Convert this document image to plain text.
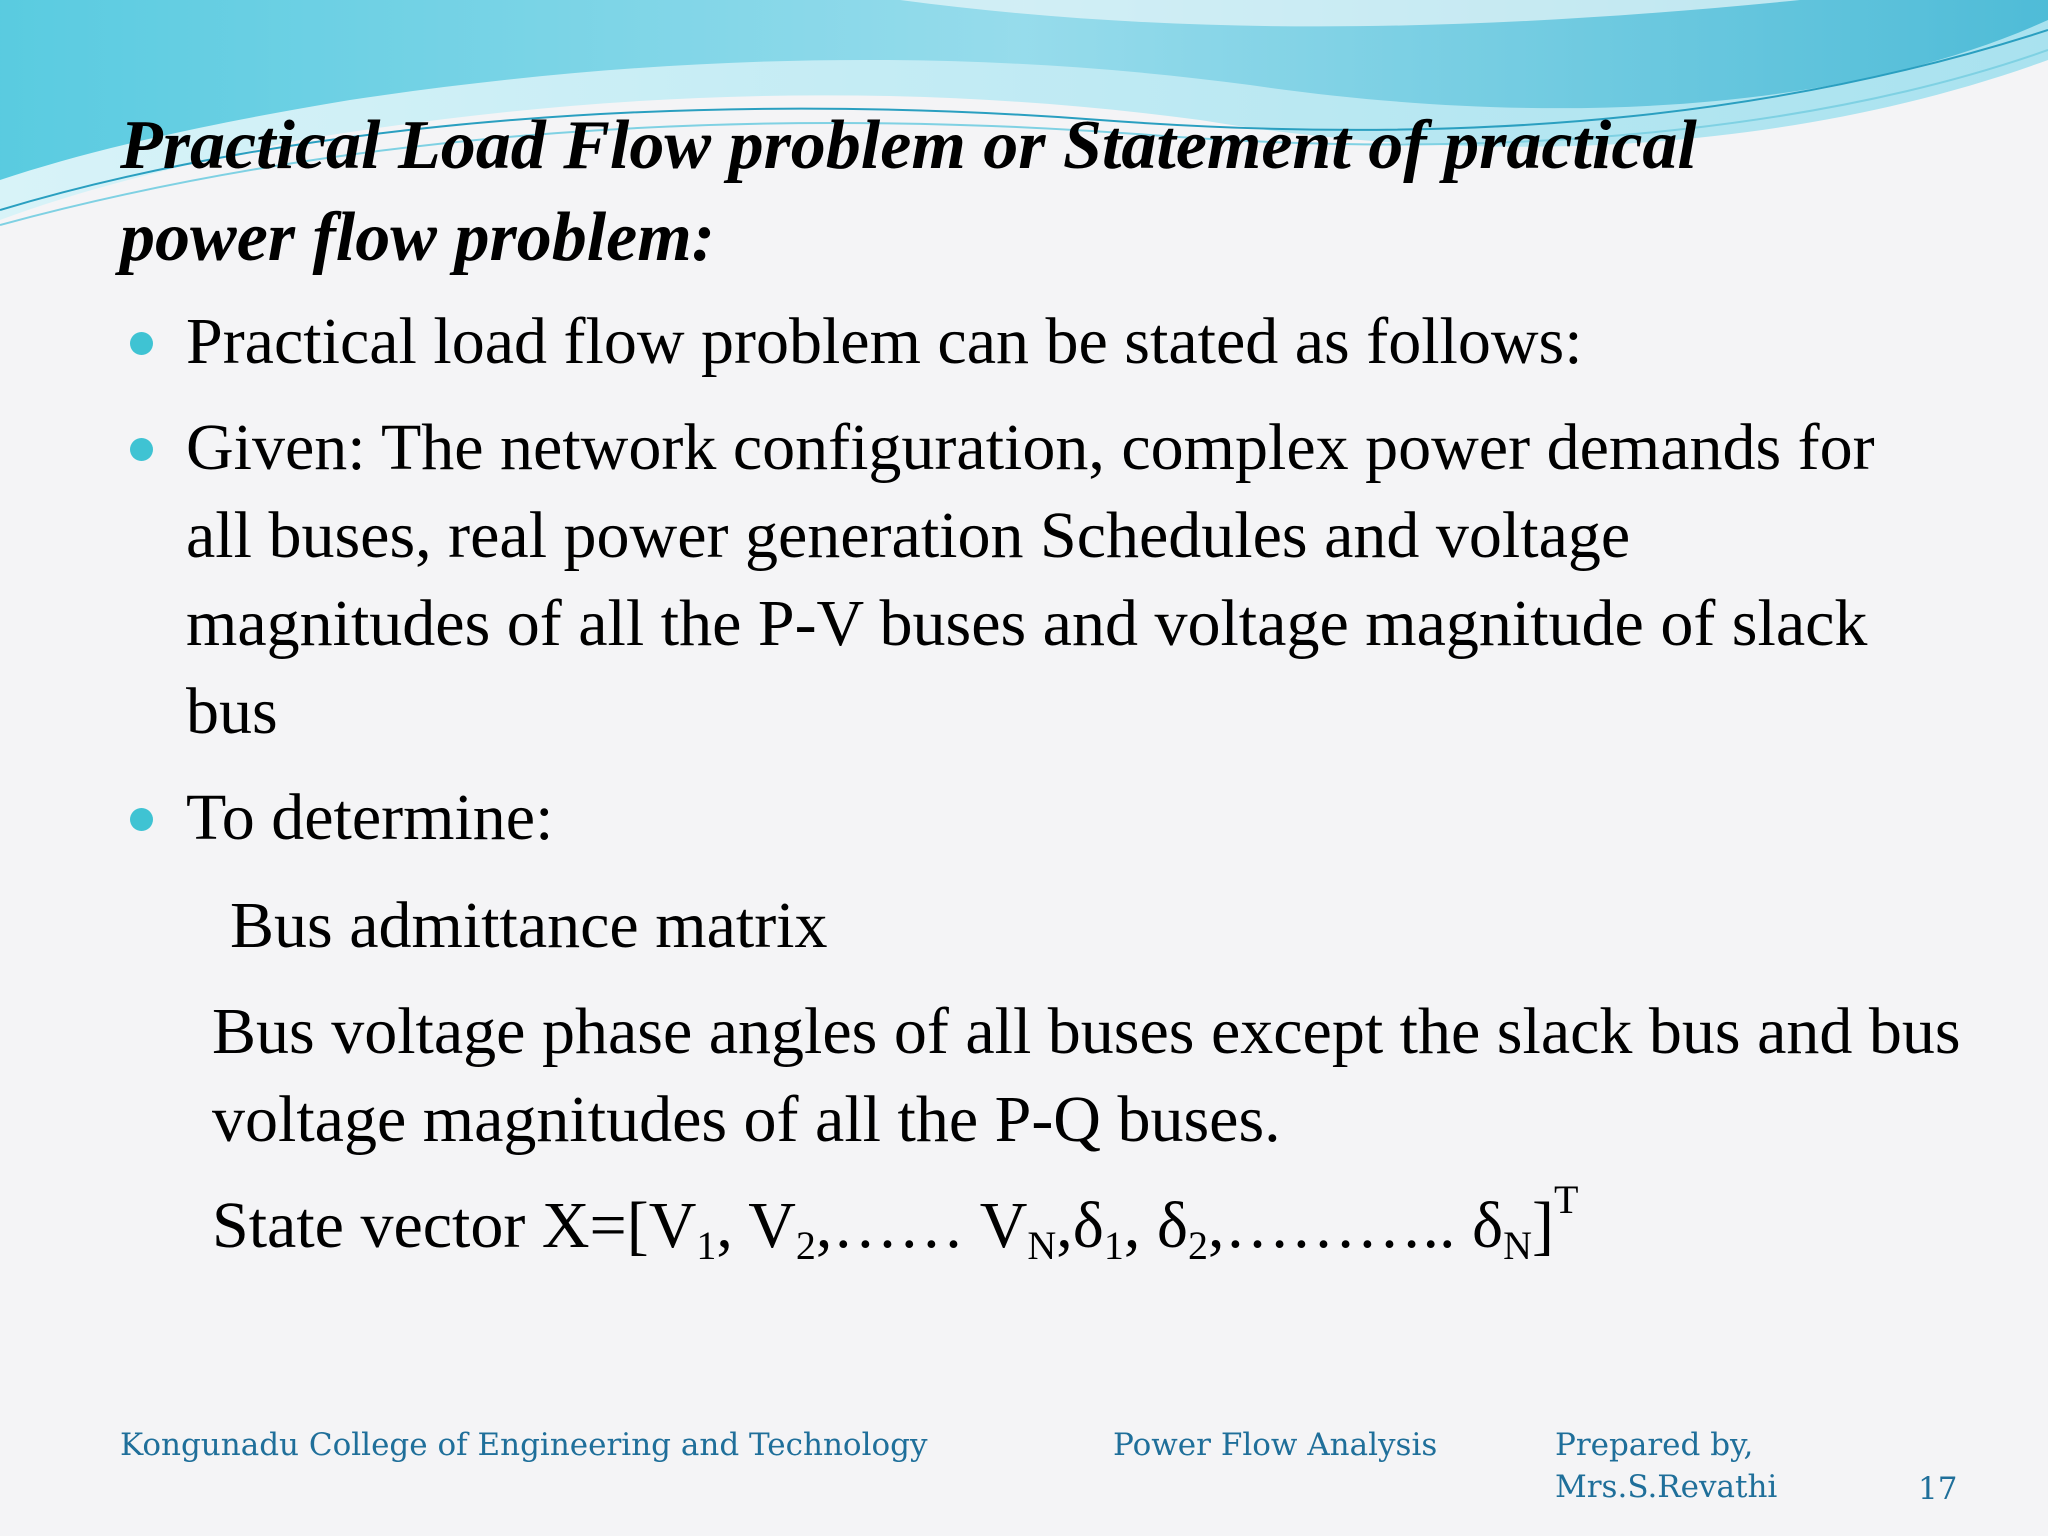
Practical Load Flow problem or Statement of practical
power flow problem:
Practical load flow problem can be stated as follows:
Given: The network configuration, complex power demands for all buses, real power generation Schedules and voltage magnitudes of all the P-V buses and voltage magnitude of slack bus
To determine:
Bus admittance matrix
Bus voltage phase angles of all buses except the slack bus and bus voltage magnitudes of all the P-Q buses.
State vector $X=[V_1$, $V_2,\dots\dots$ $V_N,\delta_1$, $\delta_2,\dots\dots\dots$.. $\delta_N]^T$
Kongunadu College of Engineering and Technology	Power Flow Analysis	Prepared by,
Mrs.S.Revathi	17
